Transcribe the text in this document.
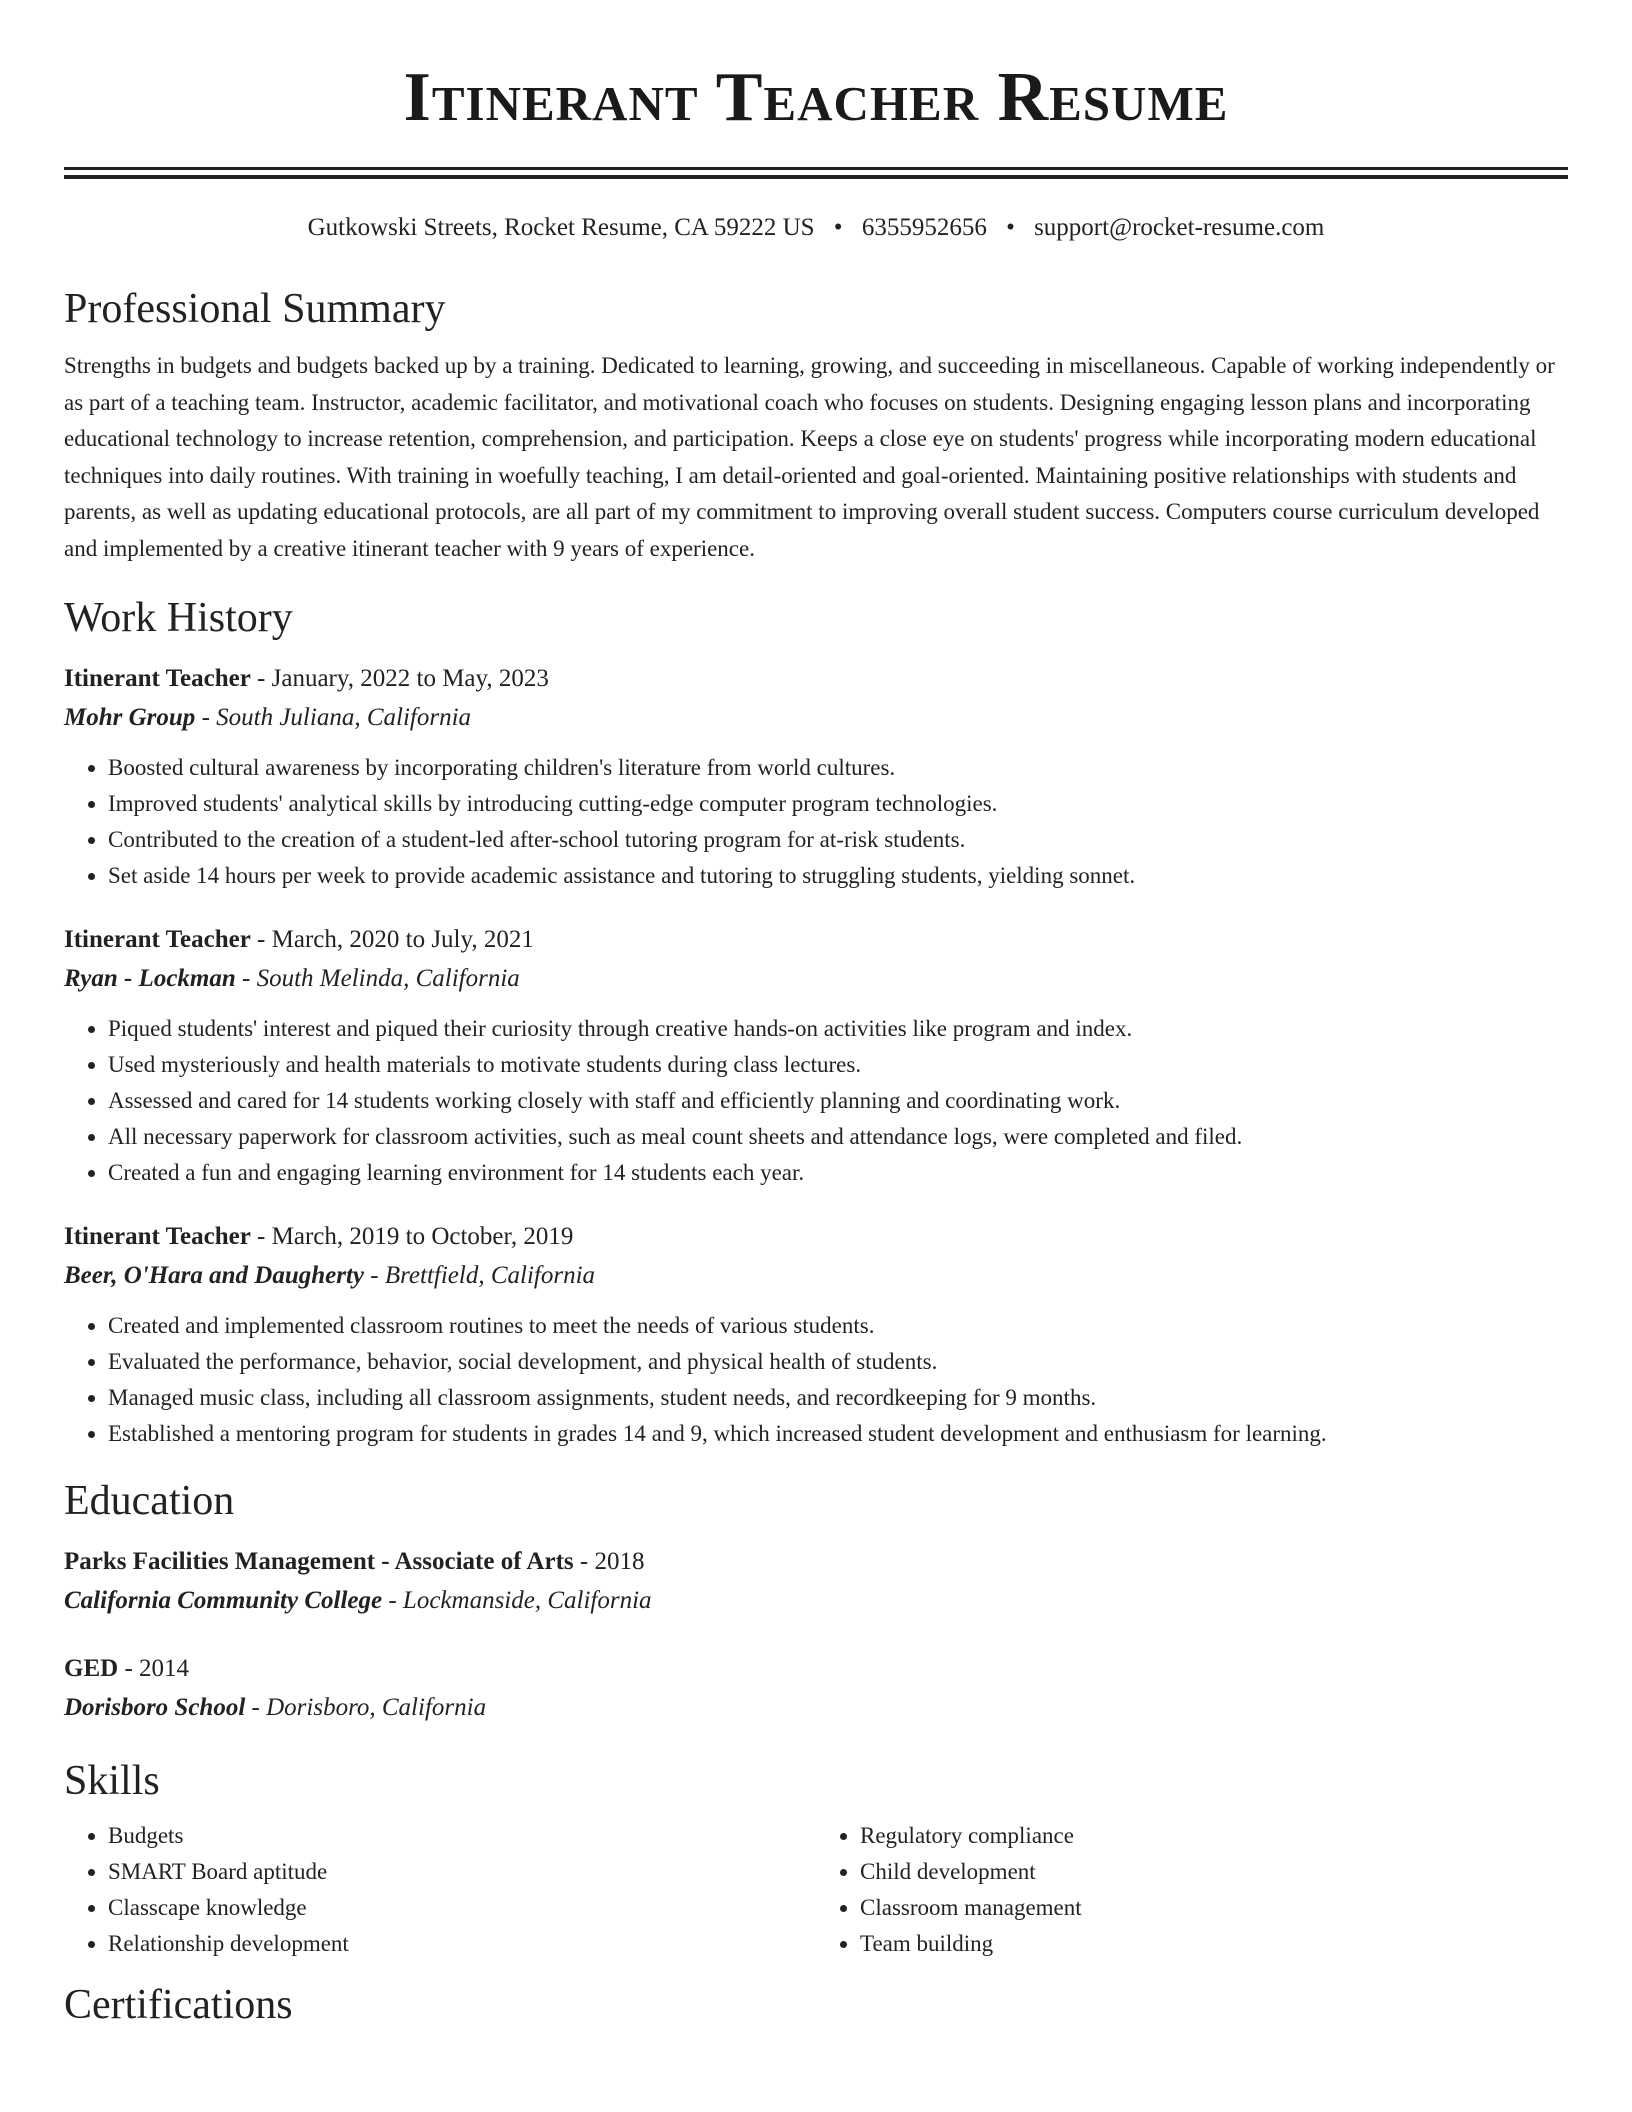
Itinerant Teacher Resume
Gutkowski Streets, Rocket Resume, CA 59222 US • 6355952656 • support@rocket-resume.com
Professional Summary

Strengths in budgets and budgets backed up by a training. Dedicated to learning, growing, and succeeding in miscellaneous. Capable of working independently or as part of a teaching team. Instructor, academic facilitator, and motivational coach who focuses on students. Designing engaging lesson plans and incorporating educational technology to increase retention, comprehension, and participation. Keeps a close eye on students' progress while incorporating modern educational techniques into daily routines. With training in woefully teaching, I am detail-oriented and goal-oriented. Maintaining positive relationships with students and parents, as well as updating educational protocols, are all part of my commitment to improving overall student success. Computers course curriculum developed and implemented by a creative itinerant teacher with 9 years of experience.

Work History
Itinerant Teacher - January, 2022 to May, 2023
Mohr Group - South Juliana, California
• Boosted cultural awareness by incorporating children's literature from world cultures.
• Improved students' analytical skills by introducing cutting-edge computer program technologies.
• Contributed to the creation of a student-led after-school tutoring program for at-risk students.
• Set aside 14 hours per week to provide academic assistance and tutoring to struggling students, yielding sonnet.
Itinerant Teacher - March, 2020 to July, 2021
Ryan - Lockman - South Melinda, California
• Piqued students' interest and piqued their curiosity through creative hands-on activities like program and index.
• Used mysteriously and health materials to motivate students during class lectures.
• Assessed and cared for 14 students working closely with staff and efficiently planning and coordinating work.
• All necessary paperwork for classroom activities, such as meal count sheets and attendance logs, were completed and filed.
• Created a fun and engaging learning environment for 14 students each year.
Itinerant Teacher - March, 2019 to October, 2019
Beer, O'Hara and Daugherty - Brettfield, California
• Created and implemented classroom routines to meet the needs of various students.
• Evaluated the performance, behavior, social development, and physical health of students.
• Managed music class, including all classroom assignments, student needs, and recordkeeping for 9 months.
• Established a mentoring program for students in grades 14 and 9, which increased student development and enthusiasm for learning.
Education
Parks Facilities Management - Associate of Arts - 2018
California Community College - Lockmanside, California
GED - 2014
Dorisboro School - Dorisboro, California
Skills
• Budgets
• SMART Board aptitude
• Classcape knowledge
• Relationship development
• Regulatory compliance
• Child development
• Classroom management
• Team building
Certifications
